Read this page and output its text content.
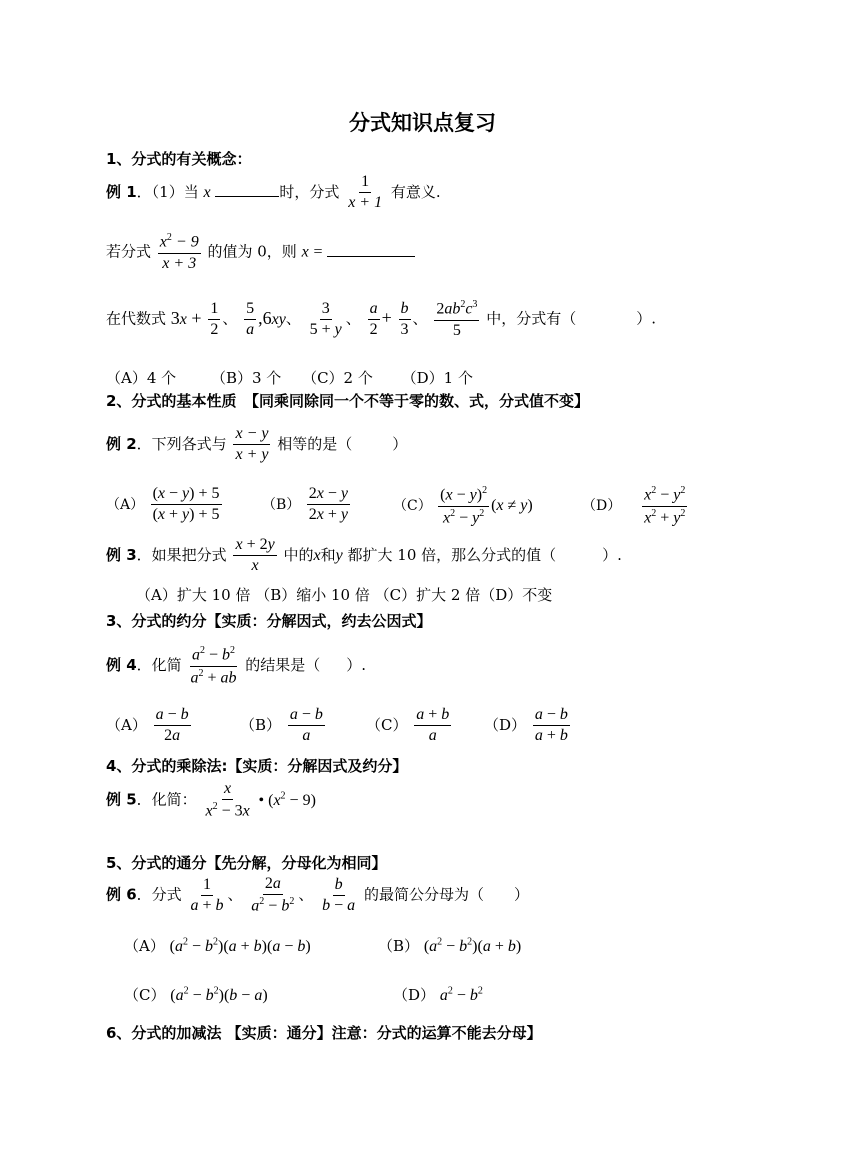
分式知识点复习
1、分式的有关概念：
例 1．（1）当 x	时，分式 $\frac{1}{x + 1}$ 有意义.
若分式 $\frac{x^2 - 9}{x + 3}$ 的值为 0，则 x =
在代数式 $3x + \frac{1}{2}$ 、 $\frac{5}{a} ,6xy$、 $\frac{3}{5 + y}$ 、 $\frac{a}{2} + \frac{b}{3}$ 、 $\frac{2ab^2c^3}{5}$ 中，分式有（	）.
（A）4 个 （B）3 个 （C）2 个 （D）1 个
2、分式的基本性质　【同乘同除同一个不等于零的数、式，分式值不变】
例 2．下列各式与 $\frac{x - y}{x + y}$ 相等的是（	）
$(A) \frac{(x - y) + 5}{(x + y) + 5}$	$(B) \frac{2x - y}{2x + y}$	$(C) \frac{(x - y)^2}{x^2 - y^2} (x \ne y)$	$(D) \frac{x^2 - y^2}{x^2 + y^2}$
例 3．如果把分式 $\frac{x + 2y}{x}$ 中的x和y 都扩大 10 倍，那么分式的值（	）.
（A）扩大 10 倍 （B）缩小 10 倍 （C）扩大 2 倍（D）不变
3、分式的约分【实质：分解因式，约去公因式】
例 4．化简 $\frac{a^2 - b^2}{a^2 + ab}$ 的结果是（ ）.
$(A) \frac{a - b}{2a}$	$(B) \frac{a - b}{a}$	$(C) \frac{a + b}{a} (D) \frac{a - b}{a + b}$
4、分式的乘除法:【实质：分解因式及约分】
例 5．化简： $\frac{x}{x^2 - 3x}$ • $(x^2 - 9)$
5、分式的通分【先分解，分母化为相同】
例 6．分式 $\frac{1}{a + b}$ 、 $\frac{2a}{a^2 - b^2}$ 、 $\frac{b}{b - a}$ 的最简公分母为（ ）
（A） $(a^2 - b^2)(a + b)(a - b)$	（B） $(a^2 - b^2)(a + b)$
（C） $(a^2 - b^2)(b - a)$	（D） $a^2 - b^2$
6、分式的加减法 【实质：通分】注意：分式的运算不能去分母】
